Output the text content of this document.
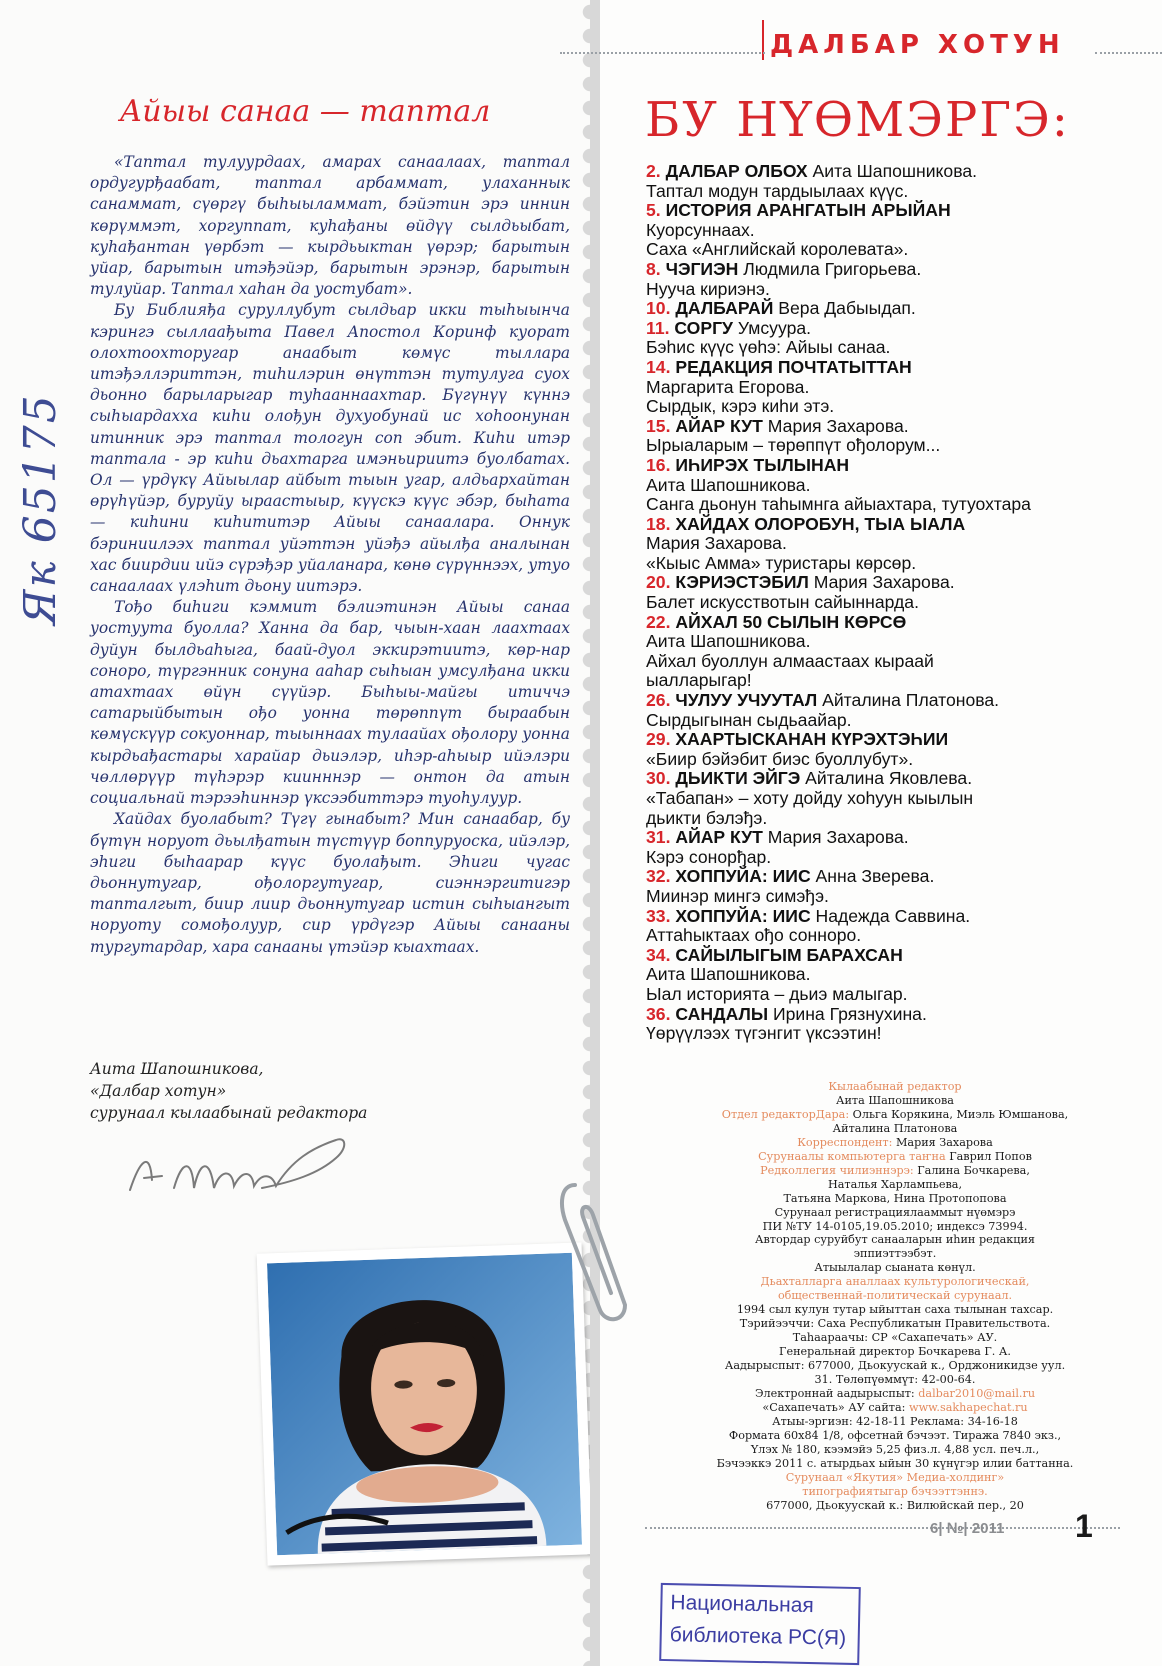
Айыы санаа — таптал

«Таптал тулуурдаах, амарах санаалаах, таптал ордугурђаабат, таптал арбаммат, улаханнык санаммат, сүөргү быһыыламмат, бэйэтин эрэ иннин көрүммэт, хоргуппат, куһађаны өйдүү сылдьыбат, куһађантан үөрбэт — кырдьыктан үөрэр; барытын уйар, барытын итэђэйэр, барытын эрэнэр, барытын тулуйар. Таптал хаһан да уостубат».

Бу Библияђа суруллубут сылдьар икки тыһыынча кэрингэ сыллаађыта Павел Апостол Коринф куорат олохтоохторугар анаабыт көмүс тыллара итэђэллэриттэн, тиһилэрин өнүттэн тутулуга суох дьонно барыларыгар туһааннаахтар. Бүгүнүү күннэ сыһыардахха киһи олођун духуобунай ис хоһоонунан итинник эрэ таптал тологун соп эбит. Киһи итэр таптала - эр киһи дьахтарга имэньириитэ буолбатах. Ол — үрдүкү Айыылар айбыт тыын угар, алдьархайтан өрүһүйэр, буруйу ыраастыыр, күүскэ күүс эбэр, быһата — киһини киһититэр Айыы санаалара. Оннук бэриниилээх таптал уйэттэн уйэђэ айылђа аналынан хас биирдии ийэ сүрэђэр уйаланара, көнө сүрүннээх, утуо санаалаах үлэһит дьону иитэрэ.

Тођо биһиги кэммит бэлиэтинэн Айыы санаа уостуута буолла? Ханна да бар, чыын-хаан лаахтаах дуйун былдьаһыга, баай-дуол эккирэтиитэ, көр-нар соноро, түргэнник сонуна ааһар сыһыан умсулђана икки атахтаах өйүн сүүйэр. Быһыы-майгы итиччэ сатарыйбытын ођо уонна төрөппүт быраабын көмүскүүр сокуоннар, тыыннаах тулаайах ођолору уонна кырдьађастары харайар дьиэлэр, иһэр-аһыыр ийэлэри чөллөрүүр түһэрэр киинннэр — онтон да атын социальнай тэрээһиннэр үксээбиттэрэ туоһулуур.

Хайдах буолабыт? Түгү гынабыт? Мин санаабар, бу бүтүн норуот дьылђатын түстүүр боппуруоска, ийэлэр, эһиги быһаарар күүс буолађыт. Эһиги чугас дьоннутугар, ођолоргутугар, сиэннэргитигэр тапталгыт, биир лиир дьоннутугар истин сыһыангыт норуоту сомођолуур, сир үрдүгэр Айыы санааны тургутардар, хара санааны үтэйэр кыахтаах.

Аита Шапошникова,
«Далбар хотун»
сурунаал кылаабынай редактора
Як 65175
ДАЛБАР ХОТУН
БУ НҮӨМЭРГЭ:
2. ДАЛБАР ОЛБОХ Аита Шапошникова.
Таптал модун тардыылаах күүс.
5. ИСТОРИЯ АРАНГАТЫН АРЫЙАН
Куорсуннаах.
Саха «Английскай королевата».
8. ЧЭГИЭН Людмила Григорьева.
Нууча кириэнэ.
10. ДАЛБАРАЙ Вера Дабыыдап.
11. СОРГУ Умсуура.
Бэһис күүс үөһэ: Айыы санаа.
14. РЕДАКЦИЯ ПОЧТАТЫТТАН
Маргарита Егорова.
Сырдык, кэрэ киһи этэ.
15. АЙАР КУТ Мария Захарова.
Ырыаларым – төрөппүт ођолорум...
16. ИҺИРЭХ ТЫЛЫНАН
Аита Шапошникова.
Санга дьонун таһымнга айыахтара, тутуохтара
18. ХАЙДАХ ОЛОРОБУН, ТЫА ЫАЛА
Мария Захарова.
«Кыыс Амма» туристары көрсөр.
20. КЭРИЭСТЭБИЛ Мария Захарова.
Балет искусствотын сайыннарда.
22. АЙХАЛ 50 СЫЛЫН КӨРСӨ
Аита Шапошникова.
Айхал буоллун алмаастаах кыраай
ыалларыгар!
26. ЧУЛУУ УЧУУТАЛ Айталина Платонова.
Сырдыгынан сыдьаайар.
29. ХААРТЫСКАНАН КҮРЭХТЭҺИИ
«Биир бэйэбит биэс буоллубут».
30. ДЬИКТИ ЭЙГЭ Айталина Яковлева.
«Табапан» – хоту дойду хоһуун кыылын
дьикти бэлэђэ.
31. АЙАР КУТ Мария Захарова.
Кэрэ сонорђар.
32. ХОППУЙА: ИИС Анна Зверева.
Миинэр мингэ симэђэ.
33. ХОППУЙА: ИИС Надежда Саввина.
Аттаһыктаах ођо сонноро.
34. САЙЫЛЫГЫМ БАРАХСАН
Аита Шапошникова.
Ыал историята – дьиэ малыгар.
36. САНДАЛЫ Ирина Грязнухина.
Үөрүүлээх түгэнгит үксээтин!
Кылаабынай редактор
Аита Шапошникова
Отдел редакторДара: Ольга Корякина, Миэль Юмшанова,
Айталина Платонова
Корреспондент: Мария Захарова
Сурунаалы компьютерга таҥна Гаврил Попов
Редколлегия чилиэннэрэ: Галина Бочкарева,
Наталья Харлампьева,
Татьяна Маркова, Нина Протопопова
Сурунаал регистрациялааммыт нүөмэрэ
ПИ №ТУ 14-0105,19.05.2010; индексэ 73994.
Автордар суруйбут санааларын иһин редакция
эппиэттээбэт.
Атыылалар сыаната көнүл.
Дьахталларга аналлаах культурологическай,
общественнай-политическай сурунаал.
1994 сыл кулун тутар ыйыттан саха тылынан тахсар.
Тэрийээччи: Саха Республикатын Правительствота.
Таһаараачы: СР «Сахапечать» АУ.
Генеральнай директор Бочкарева Г. А.
Аадырыспыт: 677000, Дьокуускай к., Орджоникидзе уул.
31. Төлөпүөммүт: 42-00-64.
Электроннай аадырыспыт: dalbar2010@mail.ru
«Сахапечать» АУ сайта: www.sakhapechat.ru
Атыы-эргиэн: 42-18-11 Реклама: 34-16-18
Формата 60х84 1/8, офсетнай бэчээт. Тиража 7840 экз.,
Үлэх № 180, кээмэйэ 5,25 физ.л. 4,88 усл. печ.л.,
Бэчээккэ 2011 с. атырдьах ыйын 30 күнүгэр илии баттанна.
Сурунаал «Якутия» Медиа-холдинг»
типографиятыгар бэчээттэннэ.
677000, Дьокуускай к.: Вилюйскай пер., 20
6| №| 2011 1
Национальная
библиотека РС(Я)
